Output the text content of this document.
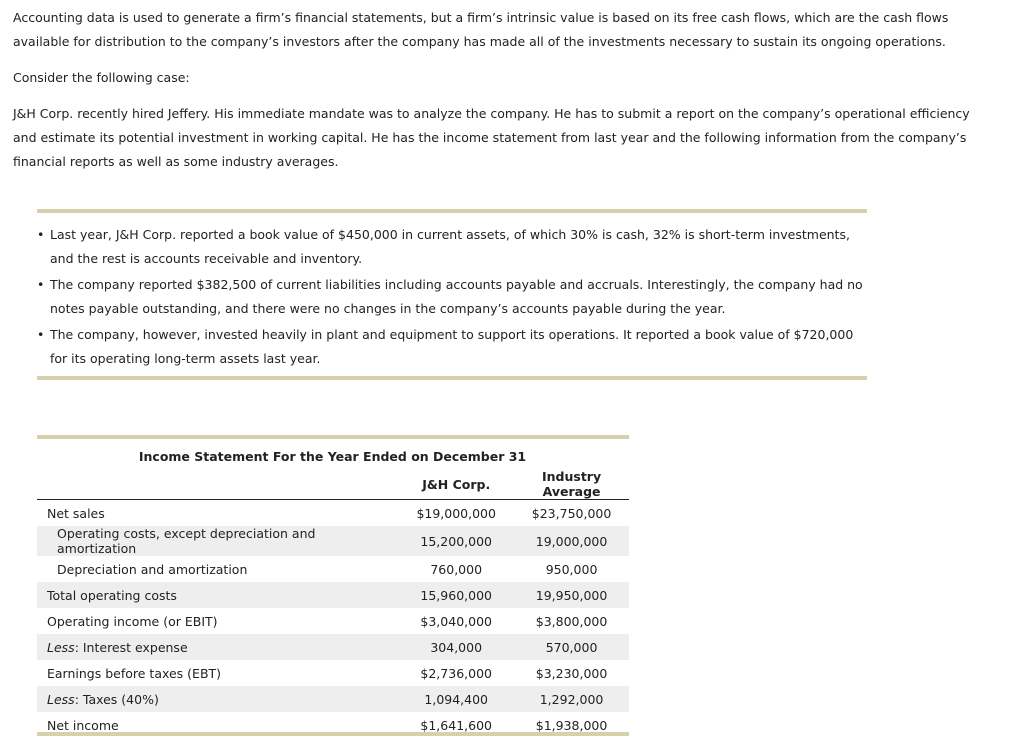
Accounting data is used to generate a firm’s financial statements, but a firm’s intrinsic value is based on its free cash flows, which are the cash flows available for distribution to the company’s investors after the company has made all of the investments necessary to sustain its ongoing operations.

Consider the following case:

J&H Corp. recently hired Jeffery. His immediate mandate was to analyze the company. He has to submit a report on the company’s operational efficiency and estimate its potential investment in working capital. He has the income statement from last year and the following information from the company’s financial reports as well as some industry averages.

• Last year, J&H Corp. reported a book value of $450,000 in current assets, of which 30% is cash, 32% is short-term investments, and the rest is accounts receivable and inventory.
• The company reported $382,500 of current liabilities including accounts payable and accruals. Interestingly, the company had no notes payable outstanding, and there were no changes in the company’s accounts payable during the year.
• The company, however, invested heavily in plant and equipment to support its operations. It reported a book value of $720,000 for its operating long-term assets last year.
Income Statement For the Year Ended on December 31
	J&H Corp.	Industry Average
Net sales	$19,000,000	$23,750,000
Operating costs, except depreciation and amortization	15,200,000	19,000,000
Depreciation and amortization	760,000	950,000
Total operating costs	15,960,000	19,950,000
Operating income (or EBIT)	$3,040,000	$3,800,000
Less: Interest expense	304,000	570,000
Earnings before taxes (EBT)	$2,736,000	$3,230,000
Less: Taxes (40%)	1,094,400	1,292,000
Net income	$1,641,600	$1,938,000
